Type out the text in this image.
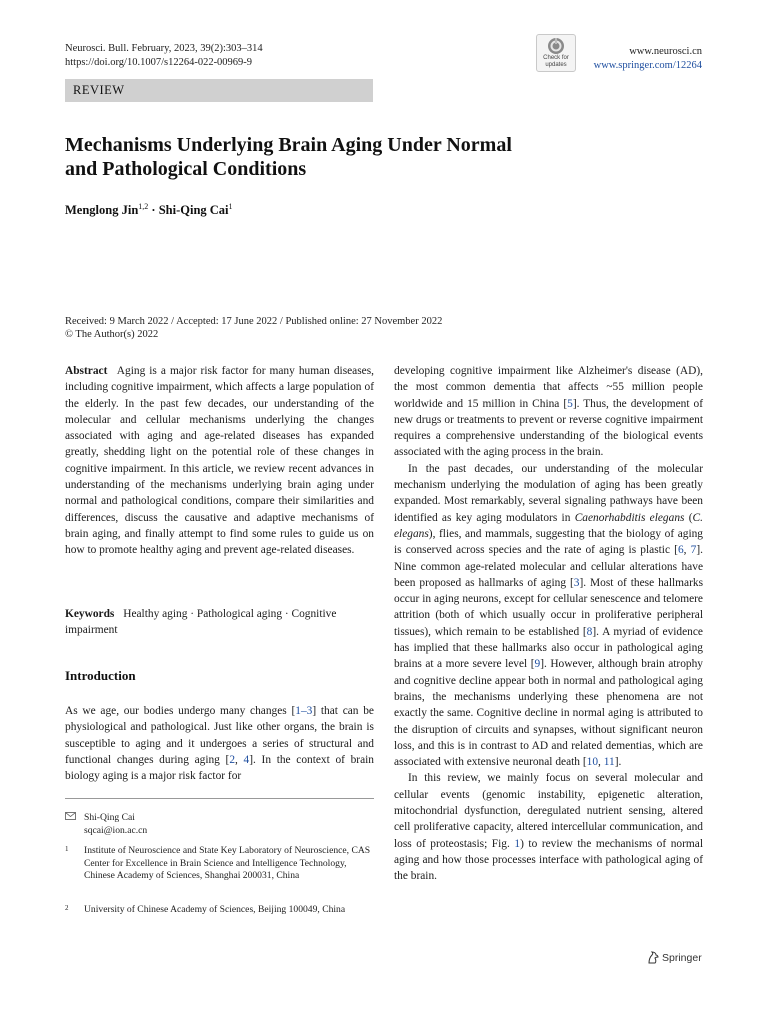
Neurosci. Bull. February, 2023, 39(2):303–314
https://doi.org/10.1007/s12264-022-00969-9	Check for
updates
www.neurosci.cn
www.springer.com/12264
REVIEW
Mechanisms Underlying Brain Aging Under Normal
and Pathological Conditions
Menglong Jin$^{1,2}$ · Shi-Qing Cai$^1$
Received: 9 March 2022 / Accepted: 17 June 2022 / Published online: 27 November 2022
© The Author(s) 2022

Abstract Aging is a major risk factor for many human diseases, including cognitive impairment, which affects a large population of the elderly. In the past few decades, our understanding of the molecular and cellular mechanisms underlying the changes associated with aging and age-related diseases has expanded greatly, shedding light on the potential role of these changes in cognitive impairment. In this article, we review recent advances in understanding of the mechanisms underlying brain aging under normal and pathological conditions, compare their similarities and differences, discuss the causative and adaptive mechanisms of brain aging, and finally attempt to find some rules to guide us on how to promote healthy aging and prevent age-related diseases.

Keywords Healthy aging · Pathological aging · Cognitive impairment

Introduction

As we age, our bodies undergo many changes [1–3] that can be physiological and pathological. Just like other organs, the brain is susceptible to aging and it undergoes a series of structural and functional changes during aging [2, 4]. In the context of brain biology aging is a major risk factor for

Shi-Qing Cai
sqcai@ion.ac.cn
1 Institute of Neuroscience and State Key Laboratory of Neuroscience, CAS Center for Excellence in Brain Science and Intelligence Technology, Chinese Academy of Sciences, Shanghai 200031, China
2 University of Chinese Academy of Sciences, Beijing 100049, China

developing cognitive impairment like Alzheimer's disease (AD), the most common dementia that affects ~55 million people worldwide and 15 million in China [5]. Thus, the development of new drugs or treatments to prevent or reverse cognitive impairment requires a comprehensive understanding of the biological events associated with the aging process in the brain.

In the past decades, our understanding of the molecular mechanism underlying the modulation of aging has been greatly expanded. Most remarkably, several signaling pathways have been identified as key aging modulators in Caenorhabditis elegans (C. elegans), flies, and mammals, suggesting that the biology of aging is conserved across species and the rate of aging is plastic [6, 7]. Nine common age-related molecular and cellular alterations have been proposed as hallmarks of aging [3]. Most of these hallmarks occur in aging neurons, except for cellular senescence and telomere attrition (both of which usually occur in proliferative peripheral tissues), which remain to be established [8]. A myriad of evidence has implied that these hallmarks also occur in pathological aging brains at a more severe level [9]. However, although brain atrophy and cognitive decline appear both in normal and pathological aging brains, the mechanisms underlying these phenomena are not exactly the same. Cognitive decline in normal aging is attributed to the disruption of circuits and synapses, without significant neuron loss, and this is in contrast to AD and related dementias, which are associated with extensive neuronal death [10, 11].

In this review, we mainly focus on several molecular and cellular events (genomic instability, epigenetic alteration, mitochondrial dysfunction, deregulated nutrient sensing, altered cell proliferative capacity, altered intercellular communication, and loss of proteostasis; Fig. 1) to review the mechanisms of normal aging and how those processes interface with pathological aging of the brain.

Springer
